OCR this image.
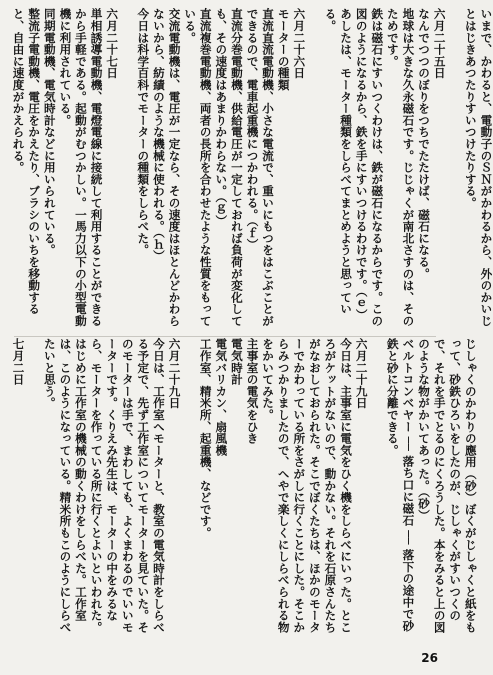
いまで、かわると、電動子のＳＮがかわるから、外のかいじとはじきあつたりすいつけたりする。

六月二十五日
なんでつつのぼりをつちでたたけば、磁石になる。
地球は大きな久永磁石です。じじゃくが南北さすのは、そのためです。
鉄は磁石にすいつくわけは、鉄が磁石になるからです。この図のようになるから、鉄を手にすいつけるわけです。（ｅ）
あしたは、モーター種類をしらべてまとめようと思っている。

六月二十六日
モーターの種類
直流直流電動機、小さな電流で、重いにもつをはこぶことができるので、電車起重機につかわれる。（ｆ）
直流分巻電動機、供給電圧が一定しておれば負荷が変化しても、その速度はあまりかわらない。（ｇ）
直流複巻電動機、両者の長所を合わせたような性質をもっている。
交流電動機は、電圧が一定なら、その速度はほとんどかわらないから、紡績のような機械に使われる。（ｈ）
今日は科学百科でモーターの種類をしらべた。

六月二十七日
単相誘導電動機、電燈電線に接続して利用することができるから手軽である。起動がむつかしい。一馬力以下の小型電動機に利用されている。
同期電動機、電気時計などに用いられている。
整流子電動機、電圧をかえたり、ブラシのいちを移動すると、自由に速度がかえられる。

じしゃくのかわりの應用（砂）ぼくがじしゃくと紙をもって、砂鉄ひろいをしたのが、じしゃくがすいつくので、それを手でとるのにくろうした。本をみると上の図のような物がかいてあった。（砂）
ベルトコンベヤー ── 落ち口に磁石 ── 落下の途中で砂鉄と砂に分離できる。

六月二十九日
今日は、主事室に電気をひく機をしらべにいった。ところがケットがないので、動かない。それを石原さんたちがなおしておられた。そこでぼくたちは、ほかのモーターでかわっている所をさがしに行くことにした。そこからみつかりましたので、へやで楽しくにしらべられる物をかいてみた。
主事室の電気をひき
電気時計
電気バリカン、扇風機
工作室、精米所、起重機、などです。

六月二十九日
今日は、工作室へモーターと、教室の電気時計をしらべる予定で、先ず工作室についてモーターを見ていた。そのモーターは手で、まわしても、よくまわるのでいいモーターです。くりえみ先生は、モーターの中をみるなら、モーターを作っている所に行くとよいといわれた。
はじめに工作室の機械の動くわけをしらべた。工作室は、このようになっている。精米所もこのようにしらべたいと思う。

七月二日

26
